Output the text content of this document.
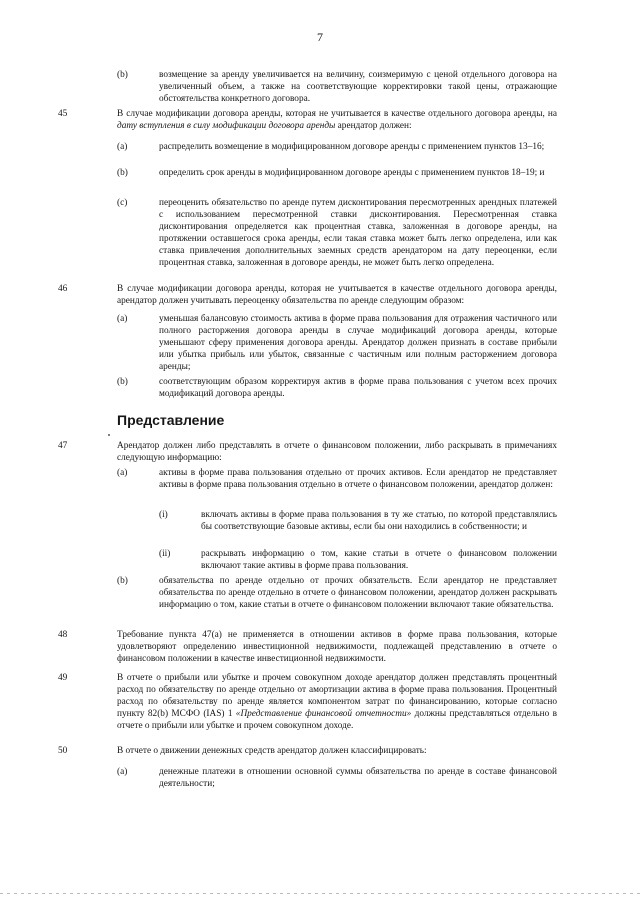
7
(b)	возмещение за аренду увеличивается на величину, соизмеримую с ценой отдельного договора на увеличенный объем, а также на соответствующие корректировки такой цены, отражающие обстоятельства конкретного договора.

45	В случае модификации договора аренды, которая не учитывается в качестве отдельного договора аренды, на дату вступления в силу модификации договора аренды арендатор должен:

(a)	распределить возмещение в модифицированном договоре аренды с применением пунктов 13–16;

(b)	определить срок аренды в модифицированном договоре аренды с применением пунктов 18–19; и

(c)	переоценить обязательство по аренде путем дисконтирования пересмотренных арендных платежей с использованием пересмотренной ставки дисконтирования. Пересмотренная ставка дисконтирования определяется как процентная ставка, заложенная в договоре аренды, на протяжении оставшегося срока аренды, если такая ставка может быть легко определена, или как ставка привлечения дополнительных заемных средств арендатором на дату переоценки, если процентная ставка, заложенная в договоре аренды, не может быть легко определена.

46	В случае модификации договора аренды, которая не учитывается в качестве отдельного договора аренды, арендатор должен учитывать переоценку обязательства по аренде следующим образом:

(a)	уменьшая балансовую стоимость актива в форме права пользования для отражения частичного или полного расторжения договора аренды в случае модификаций договора аренды, которые уменьшают сферу применения договора аренды. Арендатор должен признать в составе прибыли или убытка прибыль или убыток, связанные с частичным или полным расторжением договора аренды;

(b)	соответствующим образом корректируя актив в форме права пользования с учетом всех прочих модификаций договора аренды.

Представление
47	Арендатор должен либо представлять в отчете о финансовом положении, либо раскрывать в примечаниях следующую информацию:

(a)	активы в форме права пользования отдельно от прочих активов. Если арендатор не представляет активы в форме права пользования отдельно в отчете о финансовом положении, арендатор должен:

(i)	включать активы в форме права пользования в ту же статью, по которой представлялись бы соответствующие базовые активы, если бы они находились в собственности; и

(ii)	раскрывать информацию о том, какие статьи в отчете о финансовом положении включают такие активы в форме права пользования.

(b)	обязательства по аренде отдельно от прочих обязательств. Если арендатор не представляет обязательства по аренде отдельно в отчете о финансовом положении, арендатор должен раскрывать информацию о том, какие статьи в отчете о финансовом положении включают такие обязательства.

48	Требование пункта 47(a) не применяется в отношении активов в форме права пользования, которые удовлетворяют определению инвестиционной недвижимости, подлежащей представлению в отчете о финансовом положении в качестве инвестиционной недвижимости.

49	В отчете о прибыли или убытке и прочем совокупном доходе арендатор должен представлять процентный расход по обязательству по аренде отдельно от амортизации актива в форме права пользования. Процентный расход по обязательству по аренде является компонентом затрат по финансированию, которые согласно пункту 82(b) МСФО (IAS) 1 «Представление финансовой отчетности» должны представляться отдельно в отчете о прибыли или убытке и прочем совокупном доходе.

50	В отчете о движении денежных средств арендатор должен классифицировать:

(a)	денежные платежи в отношении основной суммы обязательства по аренде в составе финансовой деятельности;
